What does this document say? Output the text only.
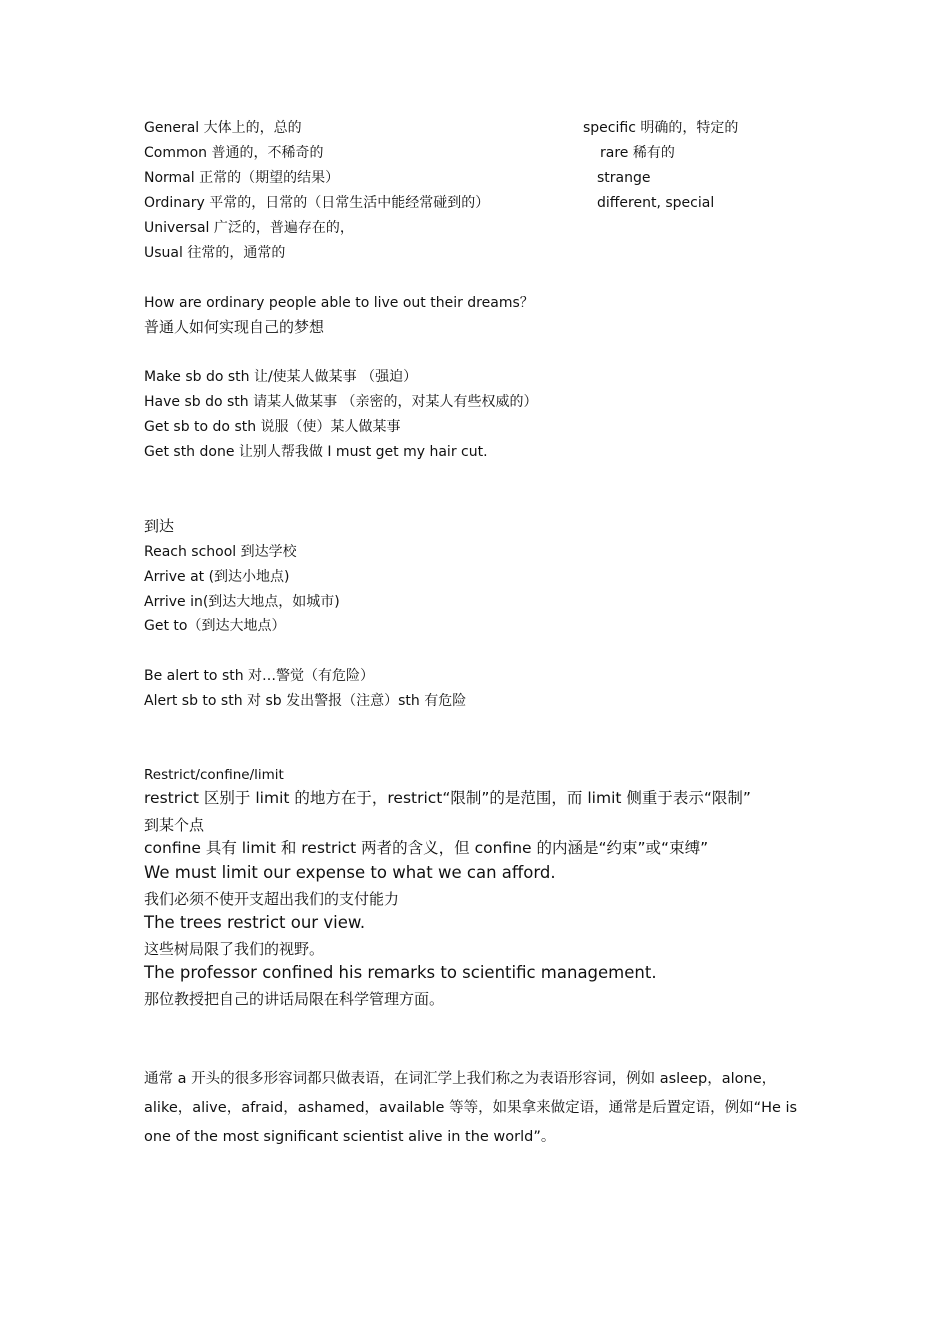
General 大体上的，总的
Common 普通的，不稀奇的
Normal 正常的（期望的结果）
Ordinary 平常的，日常的（日常生活中能经常碰到的）
Universal 广泛的，普遍存在的，
Usual 往常的，通常的
specific 明确的，特定的
rare 稀有的
strange
different, special
How are ordinary people able to live out their dreams？
普通人如何实现自己的梦想
Make sb do sth 让/使某人做某事 （强迫）
Have sb do sth 请某人做某事 （亲密的，对某人有些权威的）
Get sb to do sth 说服（使）某人做某事
Get sth done 让别人帮我做 I must get my hair cut.
到达
Reach school 到达学校
Arrive at (到达小地点)
Arrive in(到达大地点，如城市)
Get to（到达大地点）
Be alert to sth 对…警觉（有危险）
Alert sb to sth 对 sb 发出警报（注意）sth 有危险
Restrict/confine/limit
restrict 区别于 limit 的地方在于，restrict“限制”的是范围，而 limit 侧重于表示“限制”
到某个点
confine 具有 limit 和 restrict 两者的含义，但 confine 的内涵是“约束”或“束缚”
We must limit our expense to what we can afford.
我们必须不使开支超出我们的支付能力
The trees restrict our view.
这些树局限了我们的视野。
The professor confined his remarks to scientific management.
那位教授把自己的讲话局限在科学管理方面。
通常 a 开头的很多形容词都只做表语，在词汇学上我们称之为表语形容词，例如 asleep，alone，alike，alive，afraid，ashamed，available 等等，如果拿来做定语，通常是后置定语，例如“He is one of the most significant scientist alive in the world”。
